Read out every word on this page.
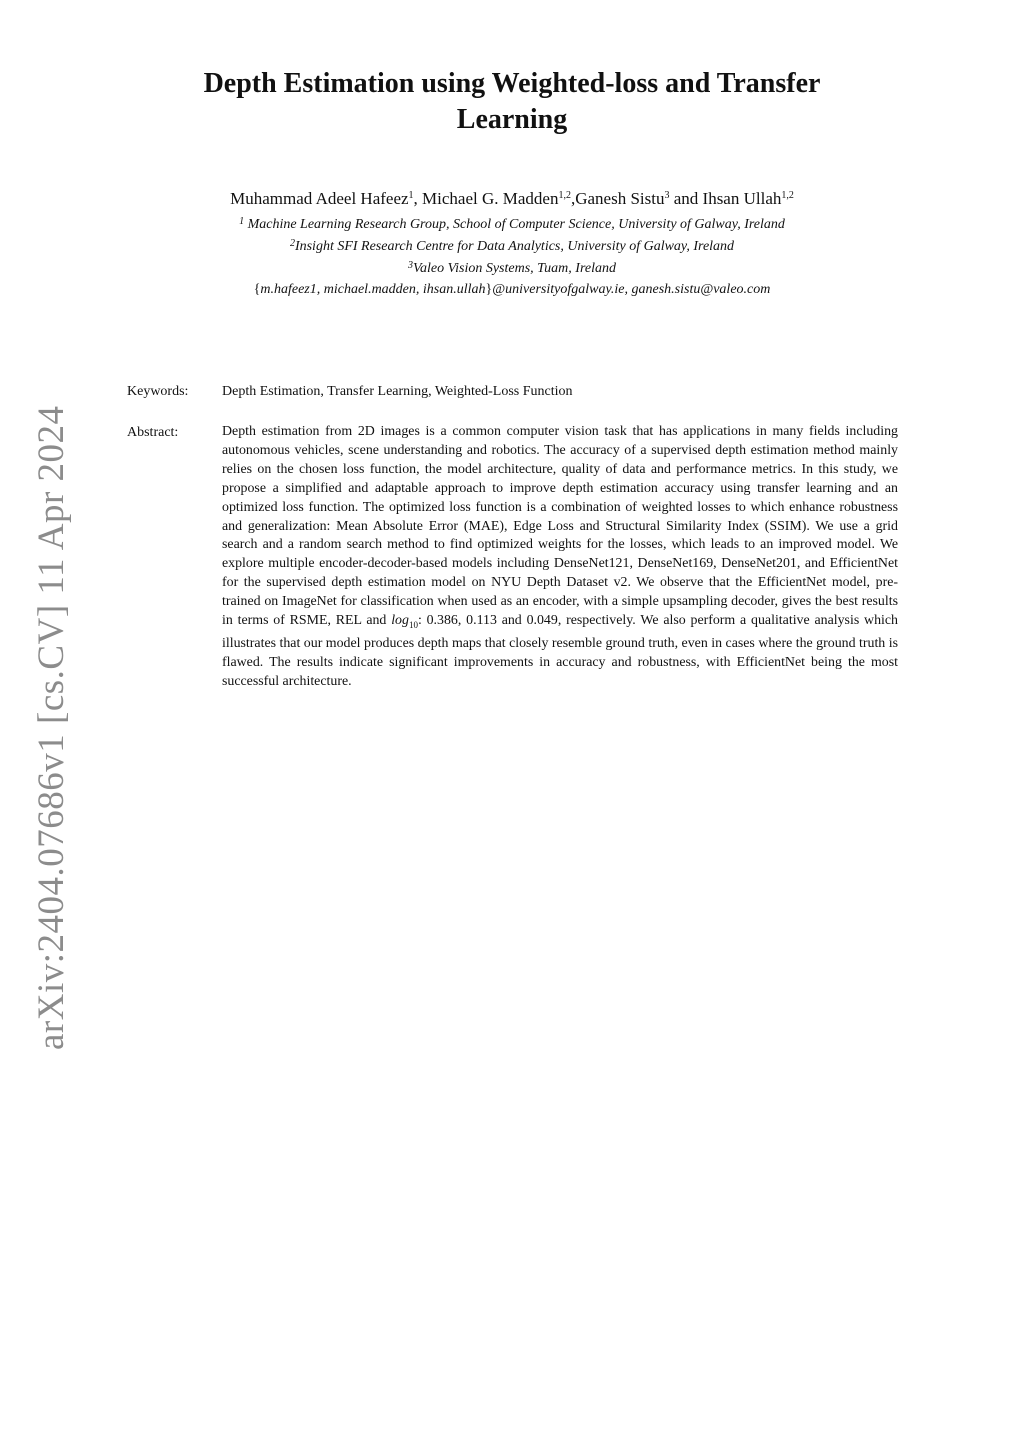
arXiv:2404.07686v1 [cs.CV] 11 Apr 2024
Depth Estimation using Weighted-loss and Transfer Learning
Muhammad Adeel Hafeez$^1$, Michael G. Madden$^{1,2}$,Ganesh Sistu$^3$ and Ihsan Ullah$^{1,2}$
$^1$ Machine Learning Research Group, School of Computer Science, University of Galway, Ireland
$^2$Insight SFI Research Centre for Data Analytics, University of Galway, Ireland
$^3$Valeo Vision Systems, Tuam, Ireland
{m.hafeez1, michael.madden, ihsan.ullah}@universityofgalway.ie, ganesh.sistu@valeo.com
Keywords: Depth Estimation, Transfer Learning, Weighted-Loss Function
Abstract:	Depth estimation from 2D images is a common computer vision task that has applications in many fields including autonomous vehicles, scene understanding and robotics. The accuracy of a supervised depth estimation method mainly relies on the chosen loss function, the model architecture, quality of data and performance metrics. In this study, we propose a simplified and adaptable approach to improve depth estimation accuracy using transfer learning and an optimized loss function. The optimized loss function is a combination of weighted losses to which enhance robustness and generalization: Mean Absolute Error (MAE), Edge Loss and Structural Similarity Index (SSIM). We use a grid search and a random search method to find optimized weights for the losses, which leads to an improved model. We explore multiple encoder-decoder-based models including DenseNet121, DenseNet169, DenseNet201, and EfficientNet for the supervised depth estimation model on NYU Depth Dataset v2. We observe that the EfficientNet model, pre-trained on ImageNet for classification when used as an encoder, with a simple upsampling decoder, gives the best results in terms of RSME, REL and $\log_{10}$: 0.386, 0.113 and 0.049, respectively. We also perform a qualitative analysis which illustrates that our model produces depth maps that closely resemble ground truth, even in cases where the ground truth is flawed. The results indicate significant improvements in accuracy and robustness, with EfficientNet being the most successful architecture.
